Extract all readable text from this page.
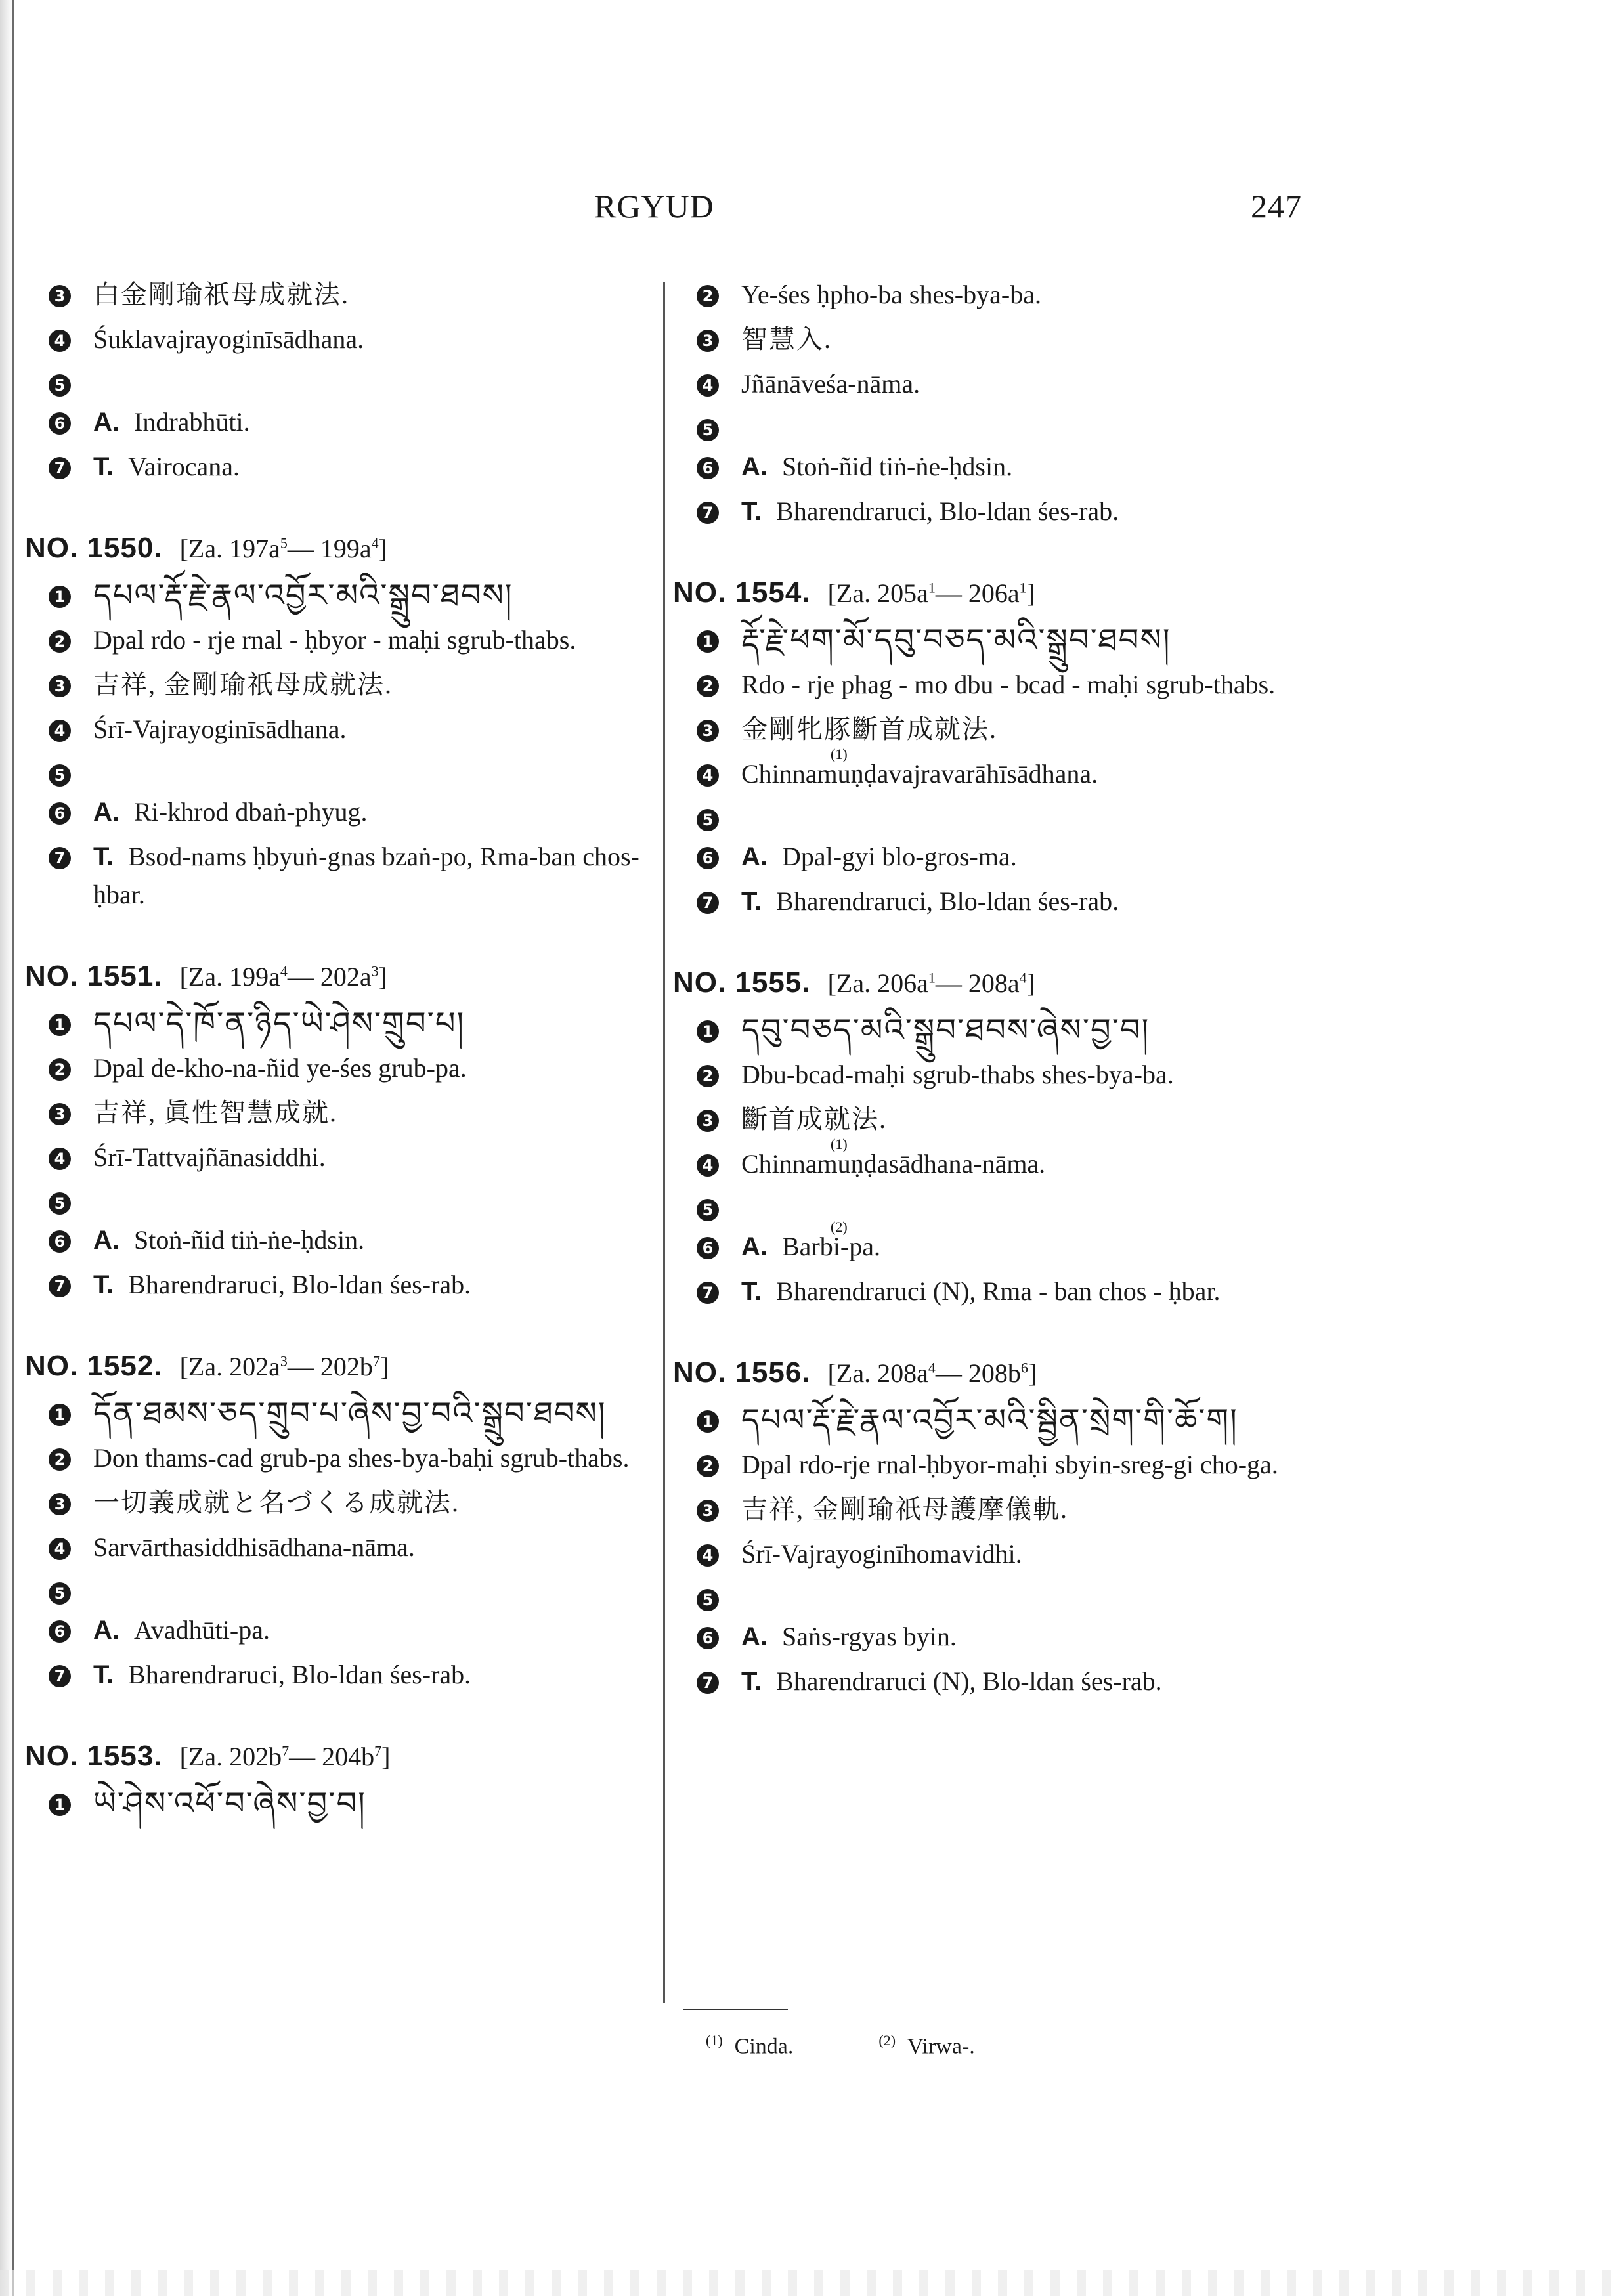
RGYUD	247
3 白金剛瑜祇母成就法.
4 Śuklavajrayoginīsādhana.
5
6 A. Indrabhūti.
7 T. Vairocana.
NO. 1550. [Za. $197a^5—$ $199a^4$]
1 དཔལ་རྡོ་རྗེ་རྣལ་འབྱོར་མའི་སྒྲུབ་ཐབས།
2 Dpal rdo - rje rnal - ḥbyor - maḥi sgrub-thabs.
3 吉祥, 金剛瑜祇母成就法.
4 Śrī-Vajrayoginīsādhana.
5
6 A. Ri-khrod dbaṅ-phyug.
7 T. Bsod-nams ḥbyuṅ-gnas bzaṅ-po, Rma-ban chos-ḥbar.
NO. 1551. [Za. $199a^4—$ $202a^3$]
1 དཔལ་དེ་ཁོ་ན་ཉིད་ཡེ་ཤེས་གྲུབ་པ།
2 Dpal de-kho-na-ñid ye-śes grub-pa.
3 吉祥, 眞性智慧成就.
4 Śrī-Tattvajñānasiddhi.
5
6 A. Stoṅ-ñid tiṅ-ṅe-ḥdsin.
7 T. Bharendraruci, Blo-ldan śes-rab.
NO. 1552. [Za. $202a^3—$ $202b^7$]
1 དོན་ཐམས་ཅད་གྲུབ་པ་ཞེས་བྱ་བའི་སྒྲུབ་ཐབས།
2 Don thams-cad grub-pa shes-bya-baḥi sgrub-thabs.
3 一切義成就と名づくる成就法.
4 Sarvārthasiddhisādhana-nāma.
5
6 A. Avadhūti-pa.
7 T. Bharendraruci, Blo-ldan śes-rab.
NO. 1553. [Za. $202b^7—$ $204b^7$]
1 ཡེ་ཤེས་འཕོ་བ་ཞེས་བྱ་བ།
2 Ye-śes ḥpho-ba shes-bya-ba.
3 智慧入.
4 Jñānāveśa-nāma.
5
6 A. Stoṅ-ñid tiṅ-ṅe-ḥdsin.
7 T. Bharendraruci, Blo-ldan śes-rab.
NO. 1554. [Za. $205a^1—$ $206a^1$]
1 རྡོ་རྗེ་ཕག་མོ་དབུ་བཅད་མའི་སྒྲུབ་ཐབས།
2 Rdo - rje phag - mo dbu - bcad - maḥi sgrub-thabs.
3 金剛牝豚斷首成就法.
4
(1)
Chinnamuṇḍavajravarāhīsādhana.
5
6 A. Dpal-gyi blo-gros-ma.
7 T. Bharendraruci, Blo-ldan śes-rab.
NO. 1555. [Za. $206a^1—$ $208a^4$]
1 དབུ་བཅད་མའི་སྒྲུབ་ཐབས་ཞེས་བྱ་བ།
2 Dbu-bcad-maḥi sgrub-thabs shes-bya-ba.
3 斷首成就法.
4
(1)
Chinnamuṇḍasādhana-nāma.
5
6
(2)
A. Barbi-pa.
7 T. Bharendraruci (N), Rma - ban chos - ḥbar.
NO. 1556. [Za. $208a^4—$ $208b^6$]
1 དཔལ་རྡོ་རྗེ་རྣལ་འབྱོར་མའི་སྦྱིན་སྲེག་གི་ཆོ་ག།
2 Dpal rdo-rje rnal-ḥbyor-maḥi sbyin-sreg-gi cho-ga.
3 吉祥, 金剛瑜祇母護摩儀軌.
4 Śrī-Vajrayoginīhomavidhi.
5
6 A. Saṅs-rgyas byin.
7 T. Bharendraruci (N), Blo-ldan śes-rab.
$^{(1)}$ Cinda.	$^{(2)}$ Virwa-.
